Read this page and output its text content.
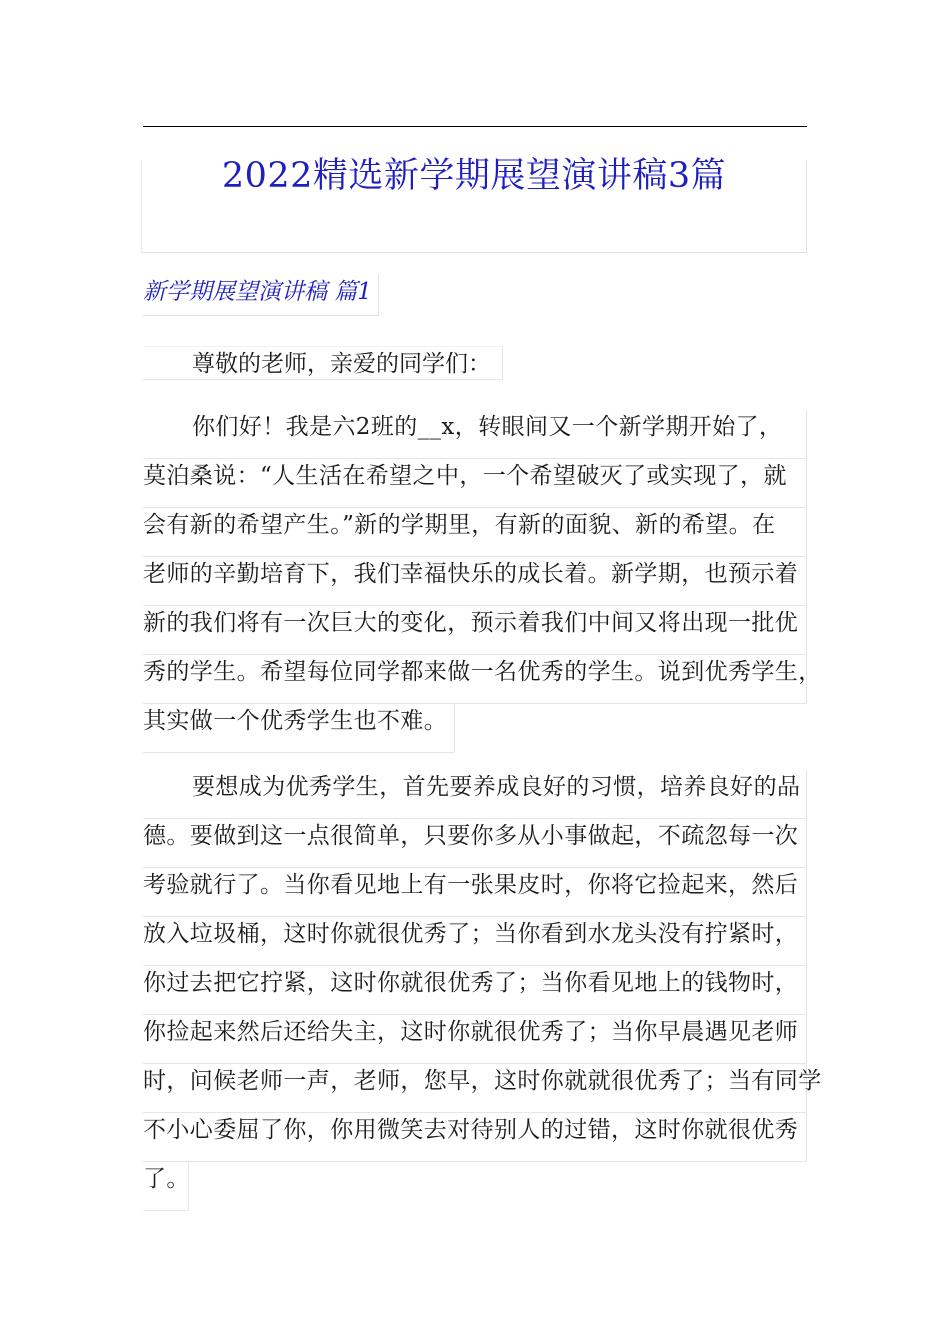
2022精选新学期展望演讲稿3篇
新学期展望演讲稿 篇1
尊敬的老师，亲爱的同学们：
你们好！我是六2班的__x，转眼间又一个新学期开始了，
莫泊桑说：“人生活在希望之中，一个希望破灭了或实现了，就
会有新的希望产生。”新的学期里，有新的面貌、新的希望。在
老师的辛勤培育下，我们幸福快乐的成长着。新学期，也预示着
新的我们将有一次巨大的变化，预示着我们中间又将出现一批优
秀的学生。希望每位同学都来做一名优秀的学生。说到优秀学生，
其实做一个优秀学生也不难。
要想成为优秀学生，首先要养成良好的习惯，培养良好的品
德。要做到这一点很简单，只要你多从小事做起，不疏忽每一次
考验就行了。当你看见地上有一张果皮时，你将它捡起来，然后
放入垃圾桶，这时你就很优秀了；当你看到水龙头没有拧紧时，
你过去把它拧紧，这时你就很优秀了；当你看见地上的钱物时，
你捡起来然后还给失主，这时你就很优秀了；当你早晨遇见老师
时，问候老师一声，老师，您早，这时你就就很优秀了；当有同学
不小心委屈了你，你用微笑去对待别人的过错，这时你就很优秀
了。
